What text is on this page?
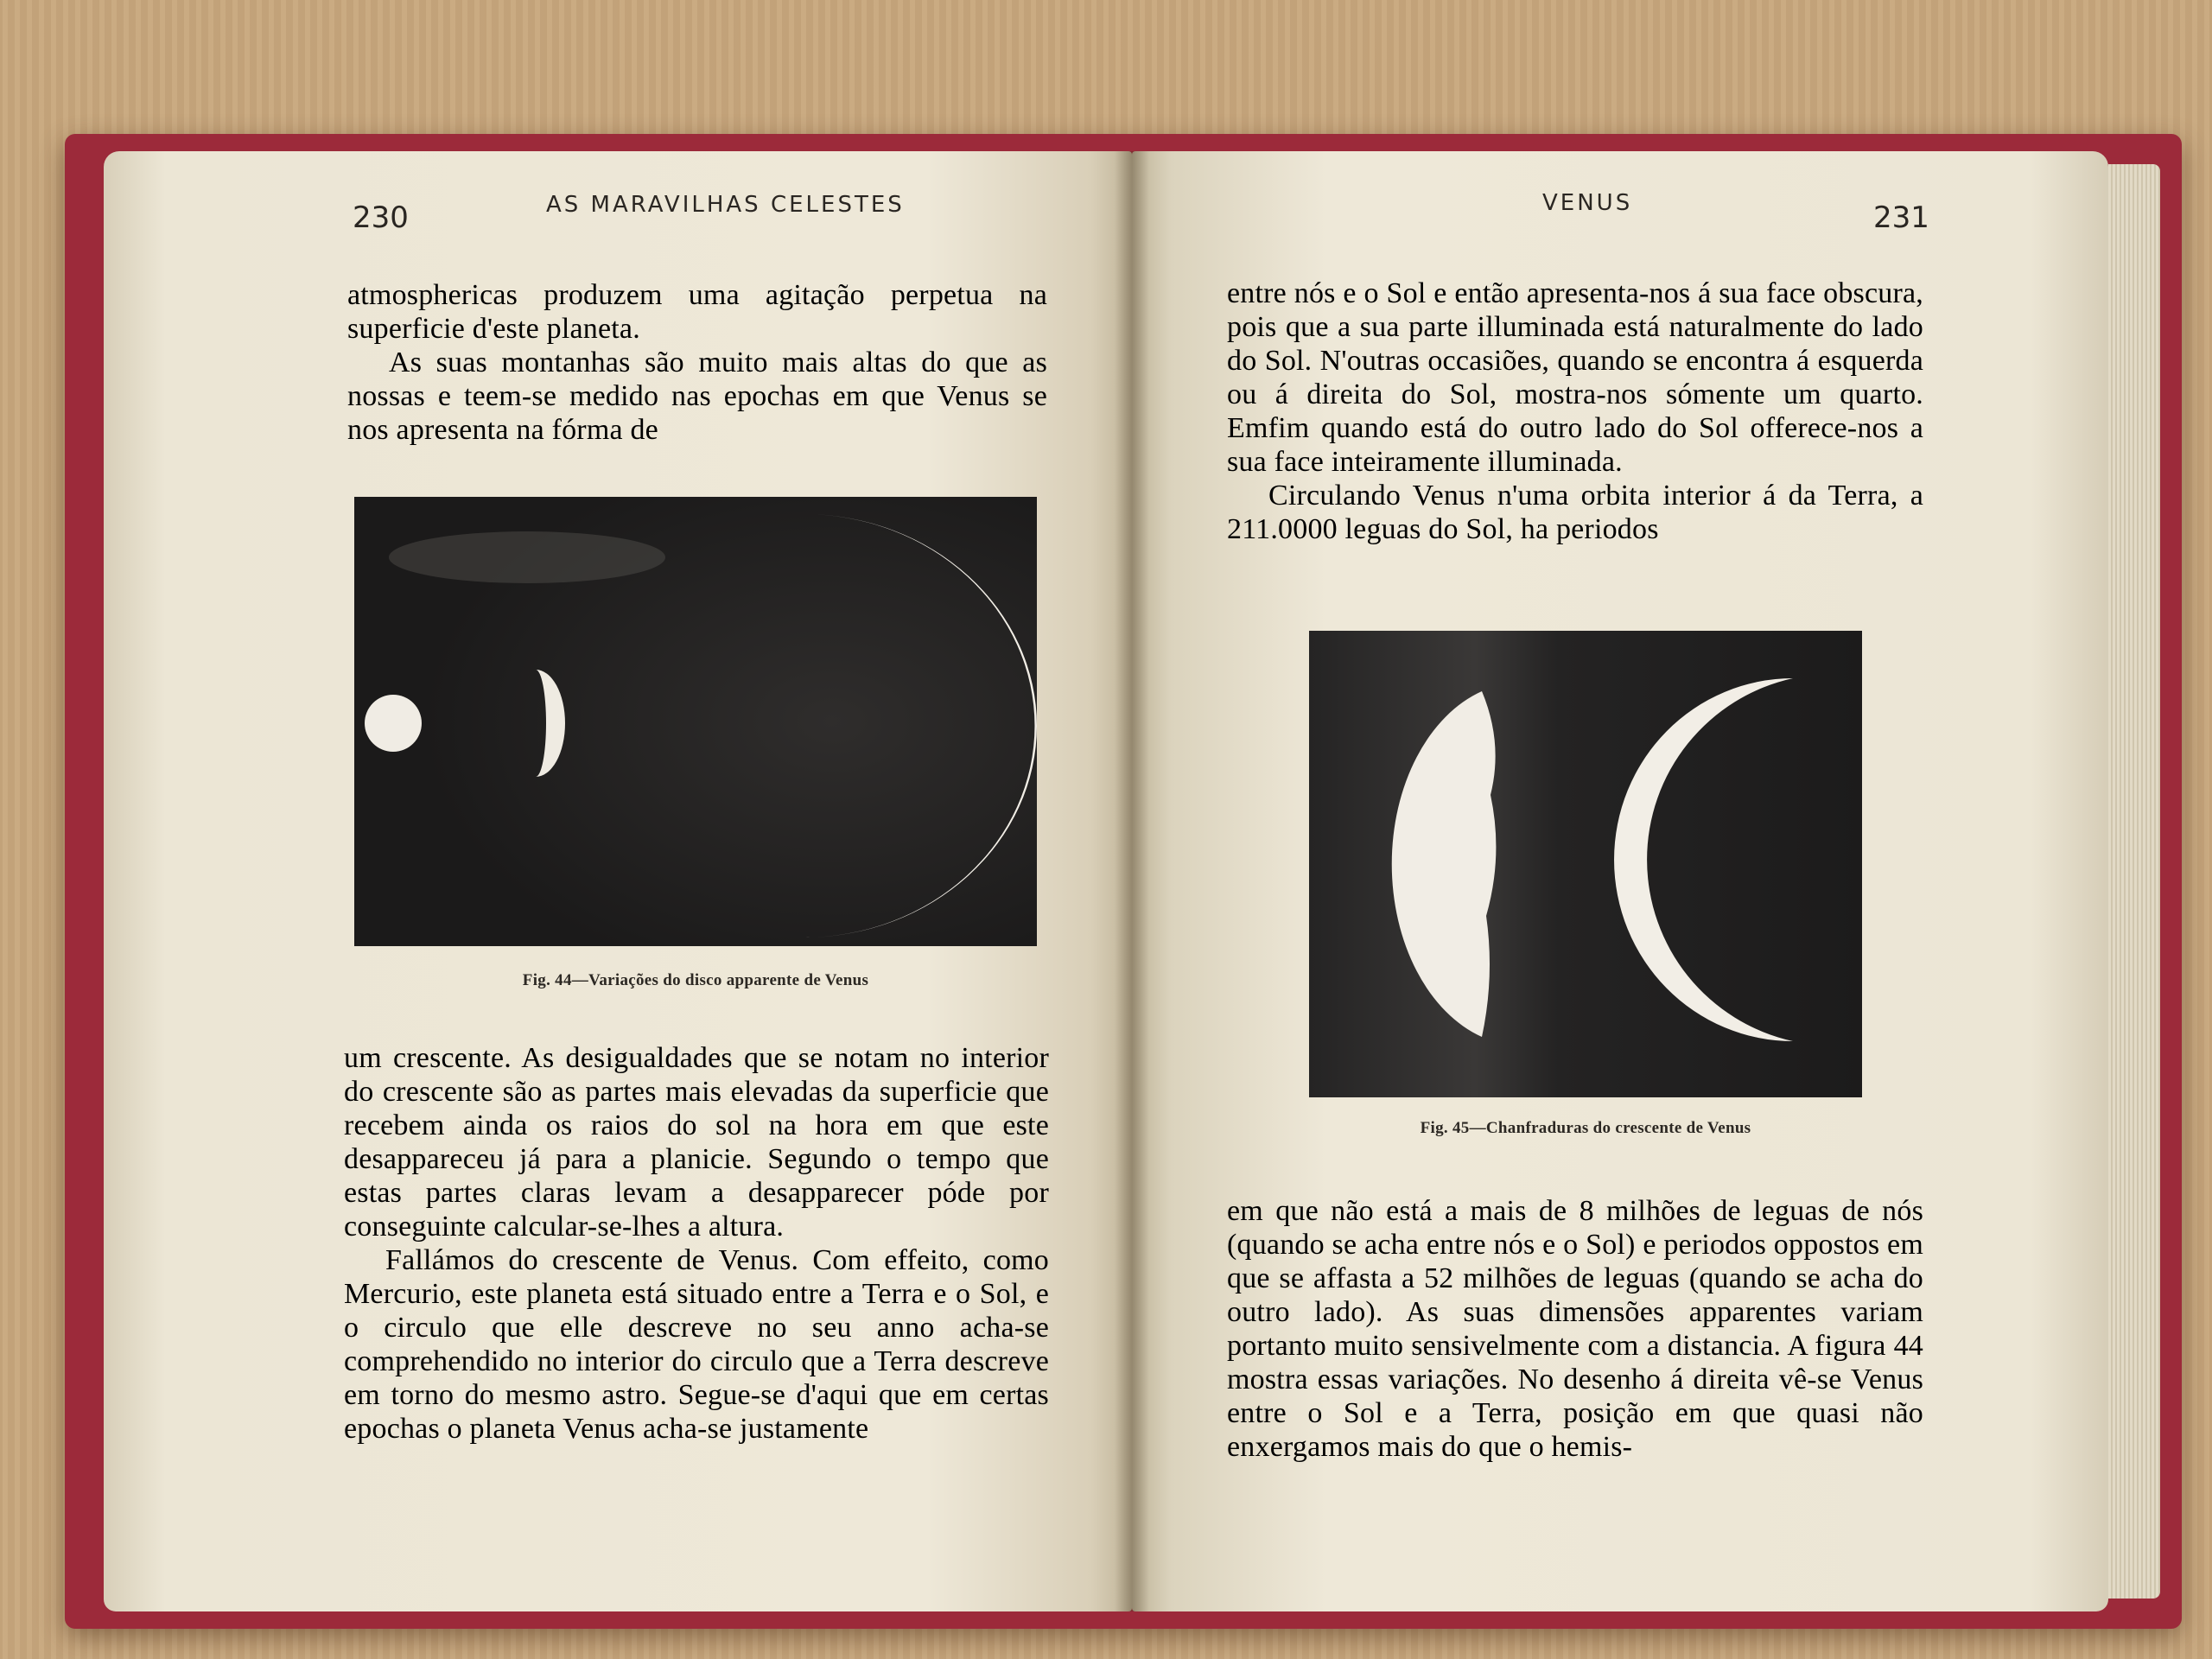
230	AS MARAVILHAS CELESTES

atmosphericas produzem uma agitação perpetua na superficie d'este planeta.

As suas montanhas são muito mais altas do que as nossas e teem-se medido nas epochas em que Venus se nos apresenta na fórma de

Fig. 44—Variações do disco apparente de Venus

um crescente. As desigualdades que se notam no interior do crescente são as partes mais elevadas da superficie que recebem ainda os raios do sol na hora em que este desappareceu já para a planicie. Segundo o tempo que estas partes claras levam a desapparecer póde por conseguinte calcular-se-lhes a altura.

Fallámos do crescente de Venus. Com effeito, como Mercurio, este planeta está situado entre a Terra e o Sol, e o circulo que elle descreve no seu anno acha-se comprehendido no interior do circulo que a Terra descreve em torno do mesmo astro. Segue-se d'aqui que em certas epochas o planeta Venus acha-se justamente

VENUS	231

entre nós e o Sol e então apresenta-nos á sua face obscura, pois que a sua parte illuminada está naturalmente do lado do Sol. N'outras occasiões, quando se encontra á esquerda ou á direita do Sol, mostra-nos sómente um quarto. Emfim quando está do outro lado do Sol offerece-nos a sua face inteiramente illuminada.

Circulando Venus n'uma orbita interior á da Terra, a 211.0000 leguas do Sol, ha periodos

Fig. 45—Chanfraduras do crescente de Venus

em que não está a mais de 8 milhões de leguas de nós (quando se acha entre nós e o Sol) e periodos oppostos em que se affasta a 52 milhões de leguas (quando se acha do outro lado). As suas dimensões apparentes variam portanto muito sensivelmente com a distancia. A figura 44 mostra essas variações. No desenho á direita vê-se Venus entre o Sol e a Terra, posição em que quasi não enxergamos mais do que o hemis-
